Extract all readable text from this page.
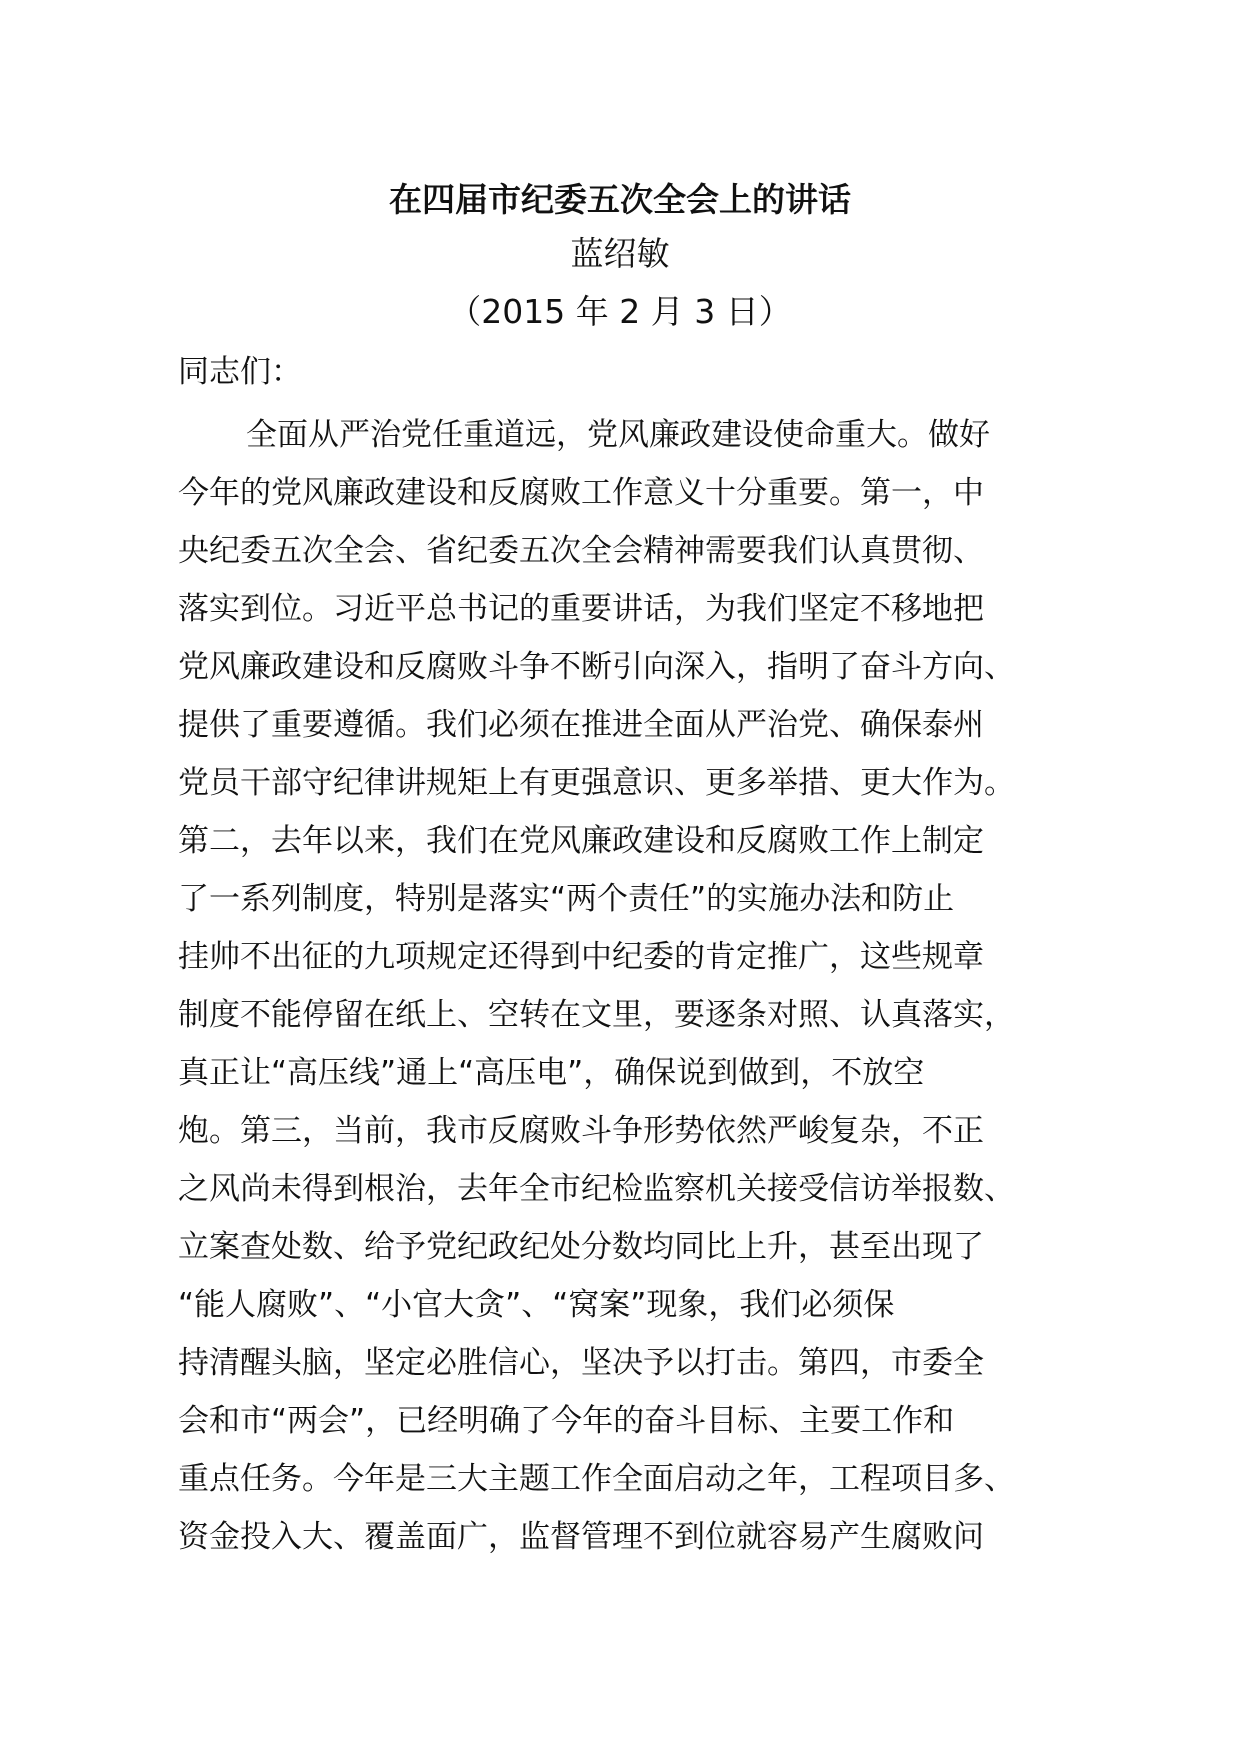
在四届市纪委五次全会上的讲话
蓝绍敏
（2015 年 2 月 3 日）
同志们：
全面从严治党任重道远，党风廉政建设使命重大。做好
今年的党风廉政建设和反腐败工作意义十分重要。第一，中
央纪委五次全会、省纪委五次全会精神需要我们认真贯彻、
落实到位。习近平总书记的重要讲话，为我们坚定不移地把
党风廉政建设和反腐败斗争不断引向深入，指明了奋斗方向、
提供了重要遵循。我们必须在推进全面从严治党、确保泰州
党员干部守纪律讲规矩上有更强意识、更多举措、更大作为。
第二，去年以来，我们在党风廉政建设和反腐败工作上制定
了一系列制度，特别是落实“两个责任”的实施办法和防止
挂帅不出征的九项规定还得到中纪委的肯定推广，这些规章
制度不能停留在纸上、空转在文里，要逐条对照、认真落实，
真正让“高压线”通上“高压电”，确保说到做到，不放空
炮。第三，当前，我市反腐败斗争形势依然严峻复杂，不正
之风尚未得到根治，去年全市纪检监察机关接受信访举报数、
立案查处数、给予党纪政纪处分数均同比上升，甚至出现了
“能人腐败”、“小官大贪”、“窝案”现象，我们必须保
持清醒头脑，坚定必胜信心，坚决予以打击。第四，市委全
会和市“两会”，已经明确了今年的奋斗目标、主要工作和
重点任务。今年是三大主题工作全面启动之年，工程项目多、
资金投入大、覆盖面广，监督管理不到位就容易产生腐败问
